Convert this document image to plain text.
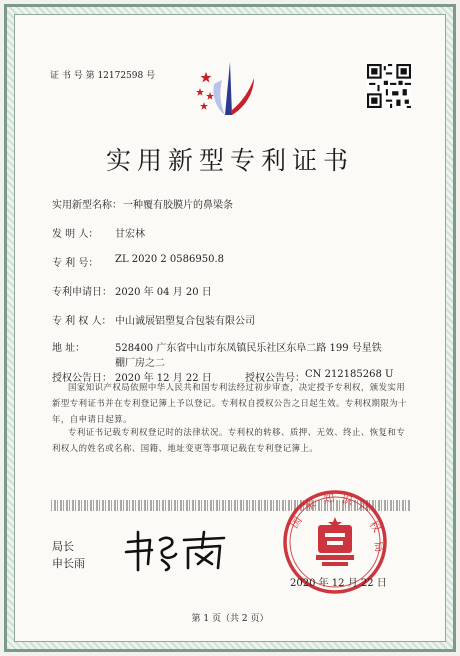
证 书 号 第 12172598 号
实用新型专利证书
实用新型名称： 一种覆有胶膜片的鼻梁条
发 明 人： 甘宏林
专 利 号： ZL 2020 2 0586950.8
专利申请日： 2020 年 04 月 20 日
专 利 权 人： 中山诚展铝塑复合包装有限公司
地 址：	528400 广东省中山市东凤镇民乐社区东阜二路 199 号星铁
棚厂房之二
授权公告日： 2020 年 12 月 22 日	授权公告号： CN 212185268 U
国家知识产权局依照中华人民共和国专利法经过初步审查，决定授予专利权，颁发实用新型专利证书并在专利登记簿上予以登记。专利权自授权公告之日起生效。专利权期限为十年，自申请日起算。
专利证书记载专利权登记时的法律状况。专利权的转移、质押、无效、终止、恢复和专利权人的姓名或名称、国籍、地址变更等事项记载在专利登记簿上。
局长
申长雨
国
家 知 识
产
权
局
2020 年 12 月 22 日
第 1 页（共 2 页）
